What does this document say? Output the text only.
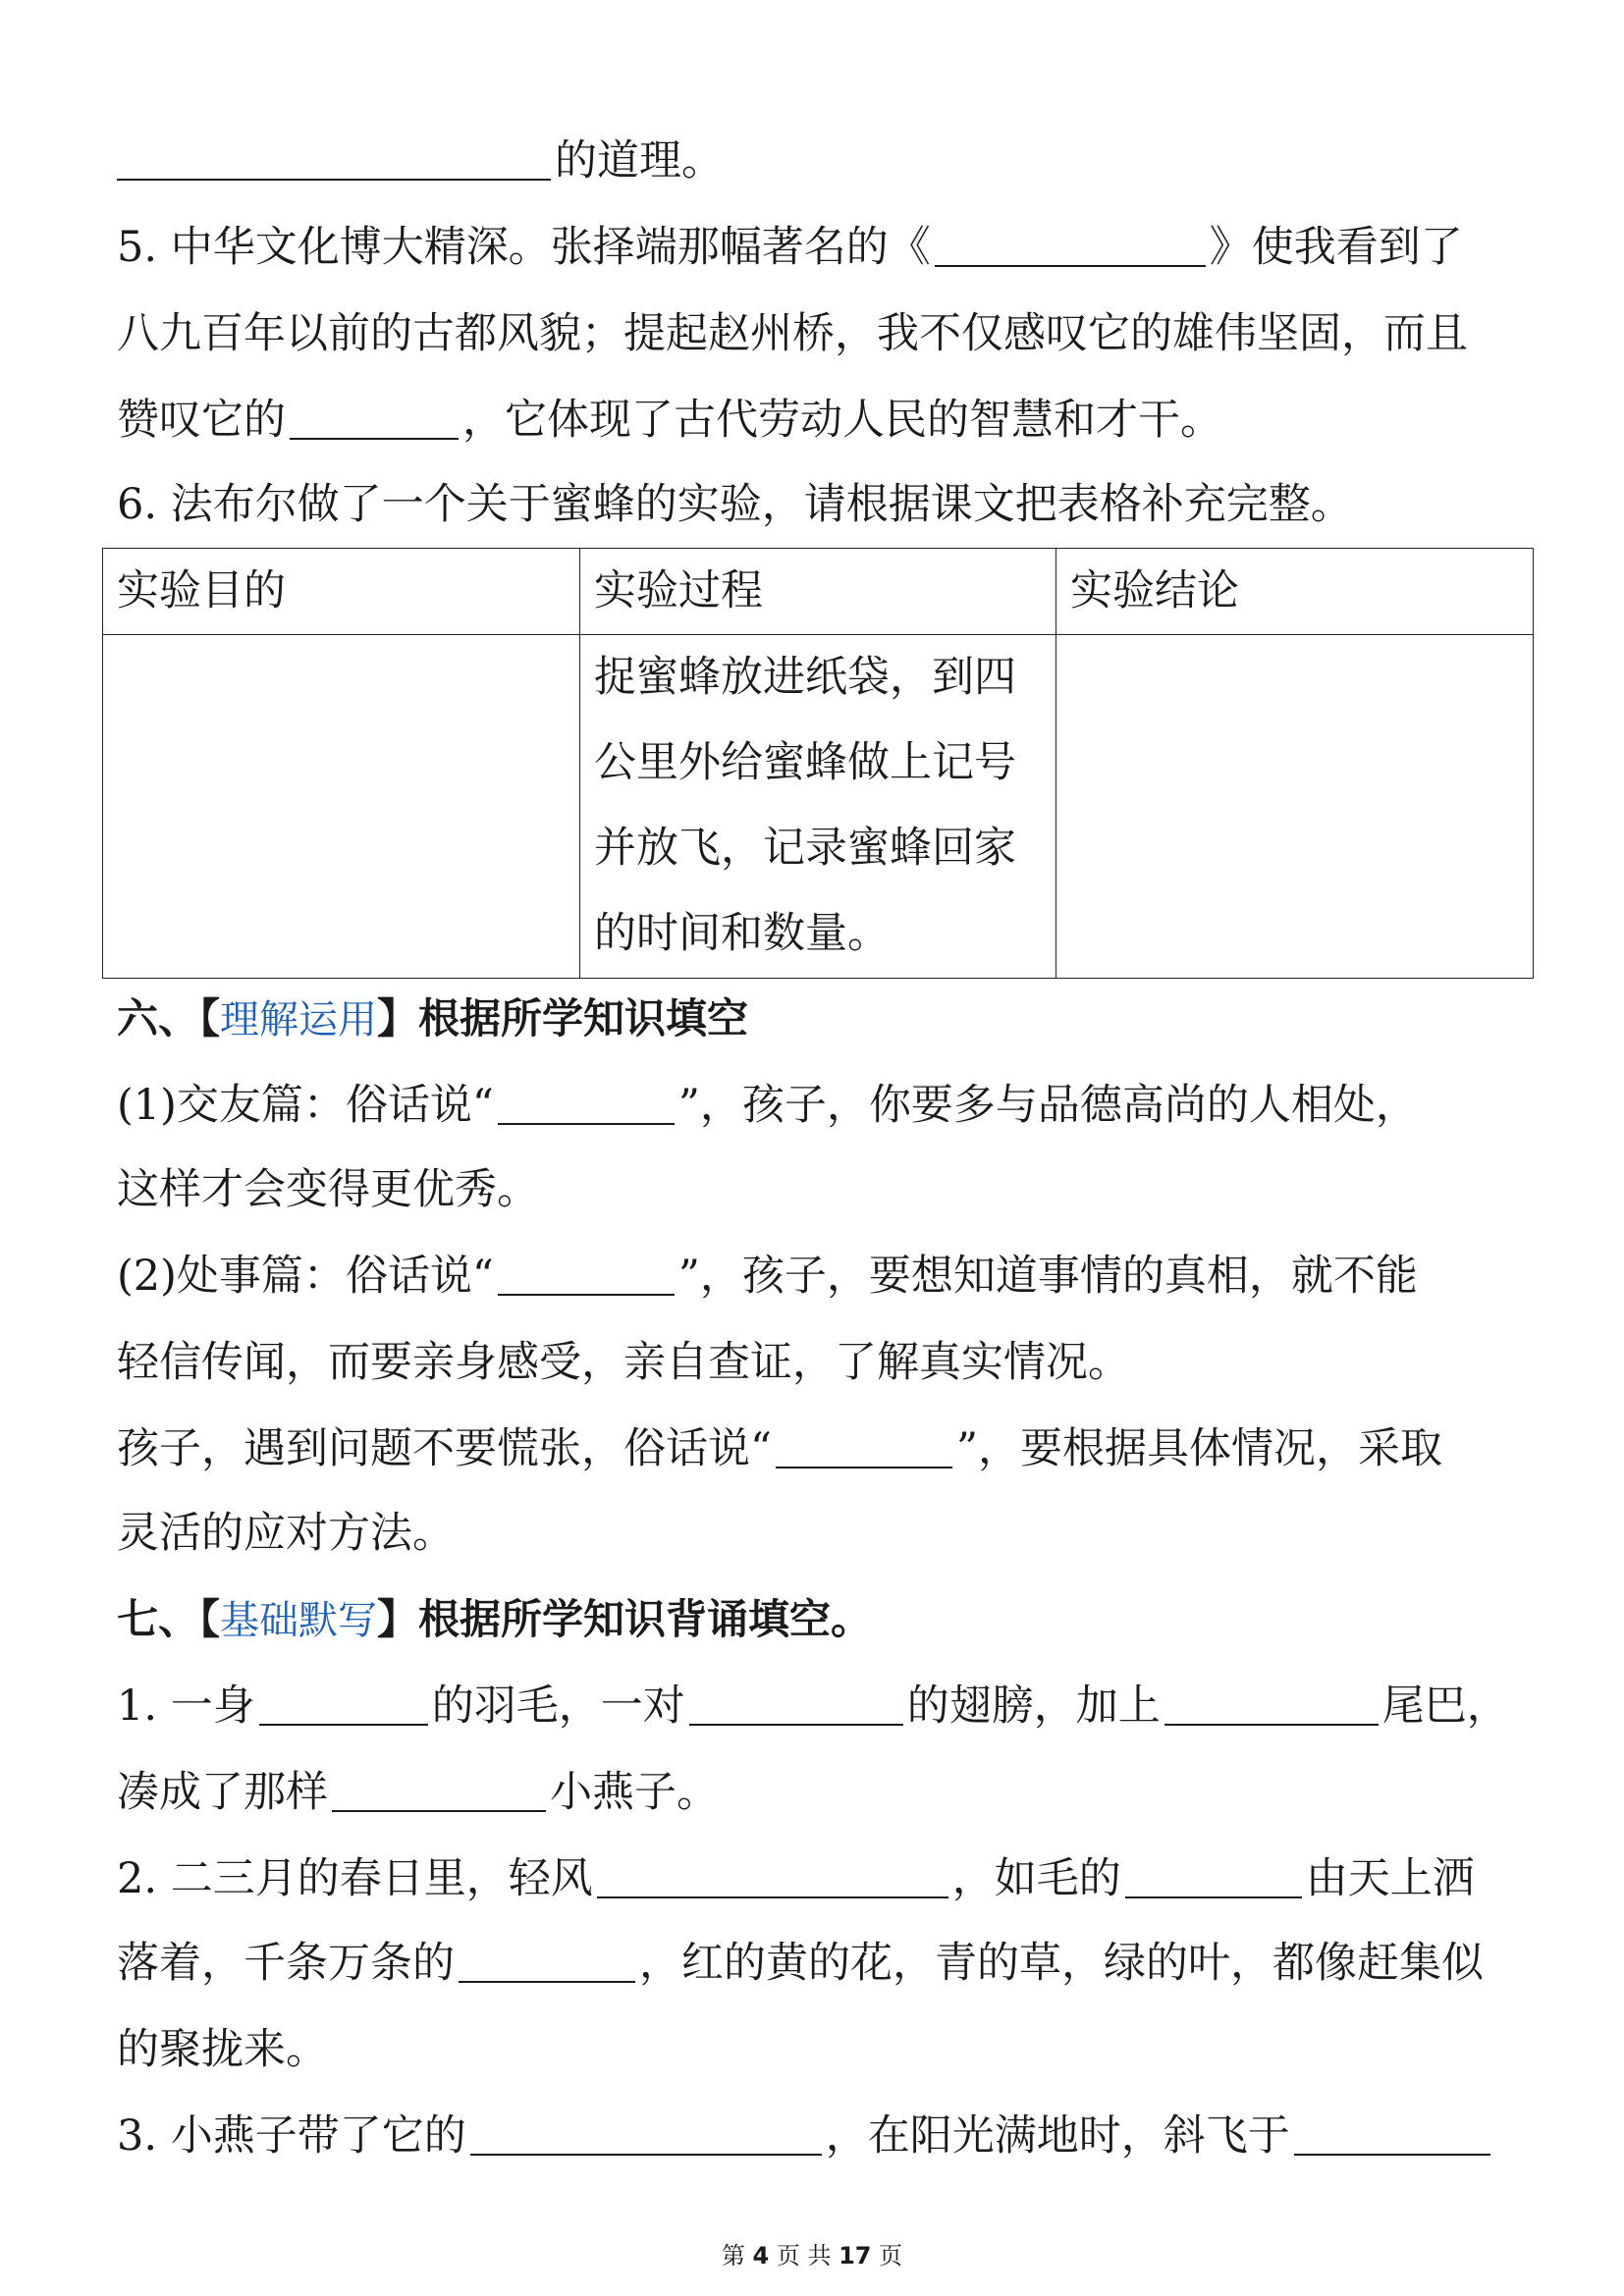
的道理。
5. 中华文化博大精深。张择端那幅著名的《	》使我看到了
八九百年以前的古都风貌；提起赵州桥，我不仅感叹它的雄伟坚固，而且
赞叹它的	，它体现了古代劳动人民的智慧和才干。
6. 法布尔做了一个关于蜜蜂的实验，请根据课文把表格补充完整。
实验目的	实验过程	实验结论
	捉蜜蜂放进纸袋，到四公里外给蜜蜂做上记号并放飞，记录蜜蜂回家的时间和数量。	
六、【理解运用】根据所学知识填空
(1)交友篇：俗话说“	”，孩子，你要多与品德高尚的人相处，
这样才会变得更优秀。
(2)处事篇：俗话说“	”，孩子，要想知道事情的真相，就不能
轻信传闻，而要亲身感受，亲自查证，了解真实情况。
孩子，遇到问题不要慌张，俗话说“	”，要根据具体情况，采取
灵活的应对方法。
七、【基础默写】根据所学知识背诵填空。
1. 一身	的羽毛，一对	的翅膀，加上	尾巴，
凑成了那样	小燕子。
2. 二三月的春日里，轻风	，如毛的	由天上洒
落着，千条万条的	，红的黄的花，青的草，绿的叶，都像赶集似
的聚拢来。
3. 小燕子带了它的	，在阳光满地时，斜飞于
第 4 页 共 17 页
